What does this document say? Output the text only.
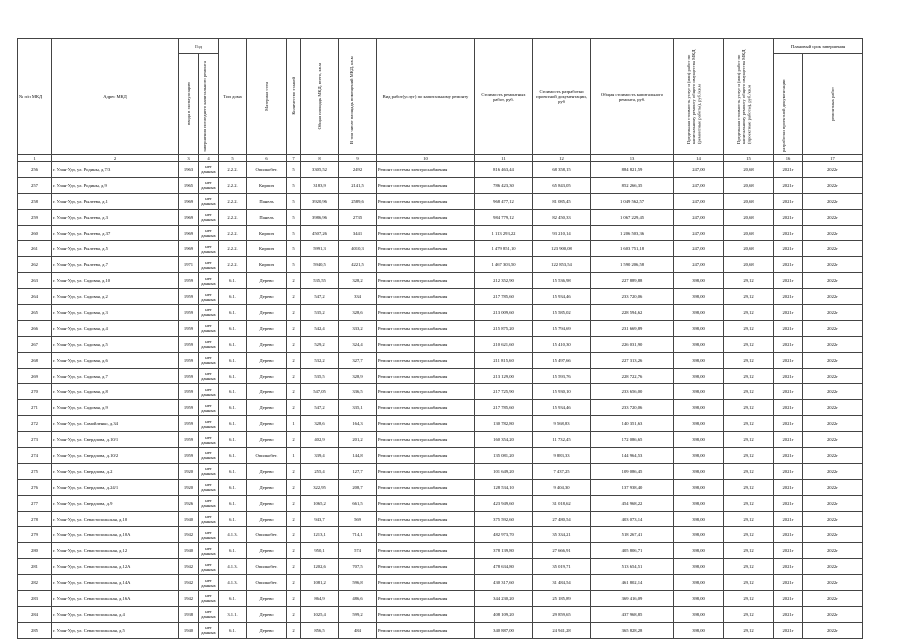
№ п/п МКД	Адрес МКД	Год		Тип дома	Материал стен	Количество этажей	Общая площадь МКД, всего, кв.м	В том числе площадь помещений МКД, кв.м	Вид работ(услуг) по капитальному ремонту	Стоимость ремонтных работ, руб.	Стоимость разработки проектной документации, руб	Общая стоимость капитального ремонта, руб.	Предельная стоимость услуг и (или) работ по капитальному ремонту общего имущества МКД (ремонтные работы), руб./кв.м	Предельная стоимость услуг и (или) работ по капитальному ремонту общего имущества МКД (проектные работы), руб./кв.м	Плановый срок завершения	
		ввода в эксплуатацию	завершения последнего капитального ремонта												разработки проектной документации	ремонтных работ
1	2	3	4	5	6	7	8	9	10	11	12	13	14	15	16	17
256	г. Улан-Удэ, ул. Родины, д.7/3	1963	нет данных	2.2.2.	Опилкобет.	5	3305,52	2492	Ремонт системы электроснабжения	816 463,44	68 358,15	884 821,59	247,00	20,68	2021г	2022г
257	г. Улан-Удэ, ул. Родины, д.9	1965	нет данных	2.2.2.	Кирпич	5	3183,9	2141,5	Ремонт системы электроснабжения	786 423,30	65 843,05	852 266,35	247,00	20,68	2021г	2022г
258	г. Улан-Удэ, ул. Рылеева, д.1	1969	нет данных	2.2.2.	Панель	5	3920,96	2589,6	Ремонт системы электроснабжения	968 477,12	81 085,45	1 049 562,57	247,00	20,68	2021г	2022г
259	г. Улан-Удэ, ул. Рылеева, д.3	1969	нет данных	2.2.2.	Панель	5	3986,96	2735	Ремонт системы электроснабжения	984 779,12	82 450,33	1 067 229,45	247,00	20,68	2021г	2022г
260	г. Улан-Удэ, ул. Рылеева, д.37	1969	нет данных	2.2.2.	Кирпич	5	4507,26	3441	Ремонт системы электроснабжения	1 113 293,22	93 210,14	1 206 503,36	247,00	20,68	2021г	2022г
261	г. Улан-Удэ, ул. Рылеева, д.5	1969	нет данных	2.2.2.	Кирпич	5	5991,3	4010,3	Ремонт системы электроснабжения	1 479 851,10	123 900,08	1 603 751,18	247,00	20,68	2021г	2022г
262	г. Улан-Удэ, ул. Рылеева, д.7	1971	нет данных	2.2.2.	Кирпич	5	5940,5	4221,5	Ремонт системы электроснабжения	1 467 303,50	122 853,54	1 590 206,58	247,00	20,68	2021г	2022г
263	г. Улан-Удэ, ул. Садовая, д.10	1959	нет данных	6.1.	Дерево	2	535,55	328,2	Ремонт системы электроснабжения	212 352,90	15 536,98	227 889,88	398,00	29,12	2021г	2022г
264	г. Улан-Удэ, ул. Садовая, д.2	1959	нет данных	6.1.	Дерево	2	547,2	334	Ремонт системы электроснабжения	217 785,60	15 934,46	233 720,06	398,00	29,12	2021г	2022г
265	г. Улан-Удэ, ул. Садовая, д.3	1959	нет данных	6.1.	Дерево	2	535,2	328,6	Ремонт системы электроснабжения	213 009,60	15 585,02	228 594,62	398,00	29,12	2021г	2022г
266	г. Улан-Удэ, ул. Садовая, д.4	1959	нет данных	6.1.	Дерево	2	542,4	333,2	Ремонт системы электроснабжения	215 875,20	15 794,69	231 669,89	398,00	29,12	2021г	2022г
267	г. Улан-Удэ, ул. Садовая, д.5	1959	нет данных	6.1.	Дерево	2	529,2	324,4	Ремонт системы электроснабжения	210 621,60	15 410,30	226 031,90	398,00	29,12	2021г	2022г
268	г. Улан-Удэ, ул. Садовая, д.6	1959	нет данных	6.1.	Дерево	2	532,2	327,7	Ремонт системы электроснабжения	211 815,60	15 497,66	227 313,26	398,00	29,12	2021г	2022г
269	г. Улан-Удэ, ул. Садовая, д.7	1959	нет данных	6.1.	Дерево	2	535,5	328,9	Ремонт системы электроснабжения	213 129,00	15 593,76	228 722,76	398,00	29,12	2021г	2022г
270	г. Улан-Удэ, ул. Садовая, д.8	1959	нет данных	6.1.	Дерево	2	547,05	336,5	Ремонт системы электроснабжения	217 725,90	15 930,10	233 656,00	398,00	29,12	2021г	2022г
271	г. Улан-Удэ, ул. Садовая, д.9	1959	нет данных	6.1.	Дерево	2	547,2	335,1	Ремонт системы электроснабжения	217 785,60	15 934,46	233 720,06	398,00	29,12	2021г	2022г
272	г. Улан-Удэ, ул. Самойленко, д.34	1959	нет данных	6.1.	Дерево	1	328,6	164,3	Ремонт системы электроснабжения	130 782,80	9 568,83	140 351,63	398,00	29,12	2021г	2022г
273	г. Улан-Удэ, ул. Свердлова, д.10/1	1959	нет данных	6.1.	Дерево	2	402,9	201,2	Ремонт системы электроснабжения	160 354,20	11 732,45	172 086,65	398,00	29,12	2021г	2022г
274	г. Улан-Удэ, ул. Свердлова, д.10/2	1959	нет данных	6.1.	Опилкобет.	1	339,4	144,8	Ремонт системы электроснабжения	135 081,20	9 883,33	144 964,53	398,00	29,12	2021г	2022г
275	г. Улан-Удэ, ул. Свердлова, д.2	1920	нет данных	6.1.	Дерево	2	255,4	127,7	Ремонт системы электроснабжения	101 649,20	7 437,25	109 086,45	398,00	29,12	2021г	2022г
276	г. Улан-Удэ, ул. Свердлова, д.24/1	1920	нет данных	6.1.	Дерево	2	322,95	208,7	Ремонт системы электроснабжения	128 534,10	9 404,30	137 938,40	398,00	29,12	2021г	2022г
277	г. Улан-Удэ, ул. Свердлова, д.9	1926	нет данных	6.1.	Дерево	2	1065,2	661,5	Ремонт системы электроснабжения	423 949,60	31 018,62	454 968,22	398,00	29,12	2021г	2022г
278	г. Улан-Удэ, ул. Севастопольская, д.10	1940	нет данных	6.1.	Дерево	2	943,7	569	Ремонт системы электроснабжения	375 592,60	27 480,54	403 073,14	398,00	29,12	2021г	2022г
279	г. Улан-Удэ, ул. Севастопольская, д.10А	1942	нет данных	4.1.3.	Опилкобет.	2	1213,1	714,1	Ремонт системы электроснабжения	482 973,70	35 334,21	518 267,41	398,00	29,12	2021г	2022г
280	г. Улан-Удэ, ул. Севастопольская, д.12	1940	нет данных	6.1.	Дерево	2	950,1	574	Ремонт системы электроснабжения	378 139,80	27 666,91	405 806,71	398,00	29,12	2021г	2022г
281	г. Улан-Удэ, ул. Севастопольская, д.12А	1942	нет данных	4.1.3.	Опилкобет.	2	1202,6	707,5	Ремонт системы электроснабжения	478 634,80	35 019,71	513 654,51	398,00	29,12	2021г	2022г
282	г. Улан-Удэ, ул. Севастопольская, д.14А	1942	нет данных	4.1.3.	Опилкобет.	2	1081,2	596,8	Ремонт системы электроснабжения	430 317,60	31 484,54	461 802,14	398,00	29,12	2021г	2022г
283	г. Улан-Удэ, ул. Севастопольская, д.16А	1942	нет данных	6.1.	Дерево	2	864,9	486,6	Ремонт системы электроснабжения	344 230,20	25 185,89	369 416,09	398,00	29,12	2021г	2022г
284	г. Улан-Удэ, ул. Севастопольская, д.4	1938	нет данных	3.1.1.	Дерево	2	1025,4	599,2	Ремонт системы электроснабжения	408 109,20	29 859,65	437 968,85	398,00	29,12	2021г	2022г
285	г. Улан-Удэ, ул. Севастопольская, д.5	1940	нет данных	6.1.	Дерево	2	856,5	484	Ремонт системы электроснабжения	340 887,00	24 941,28	365 828,28	398,00	29,12	2021г	2022г
